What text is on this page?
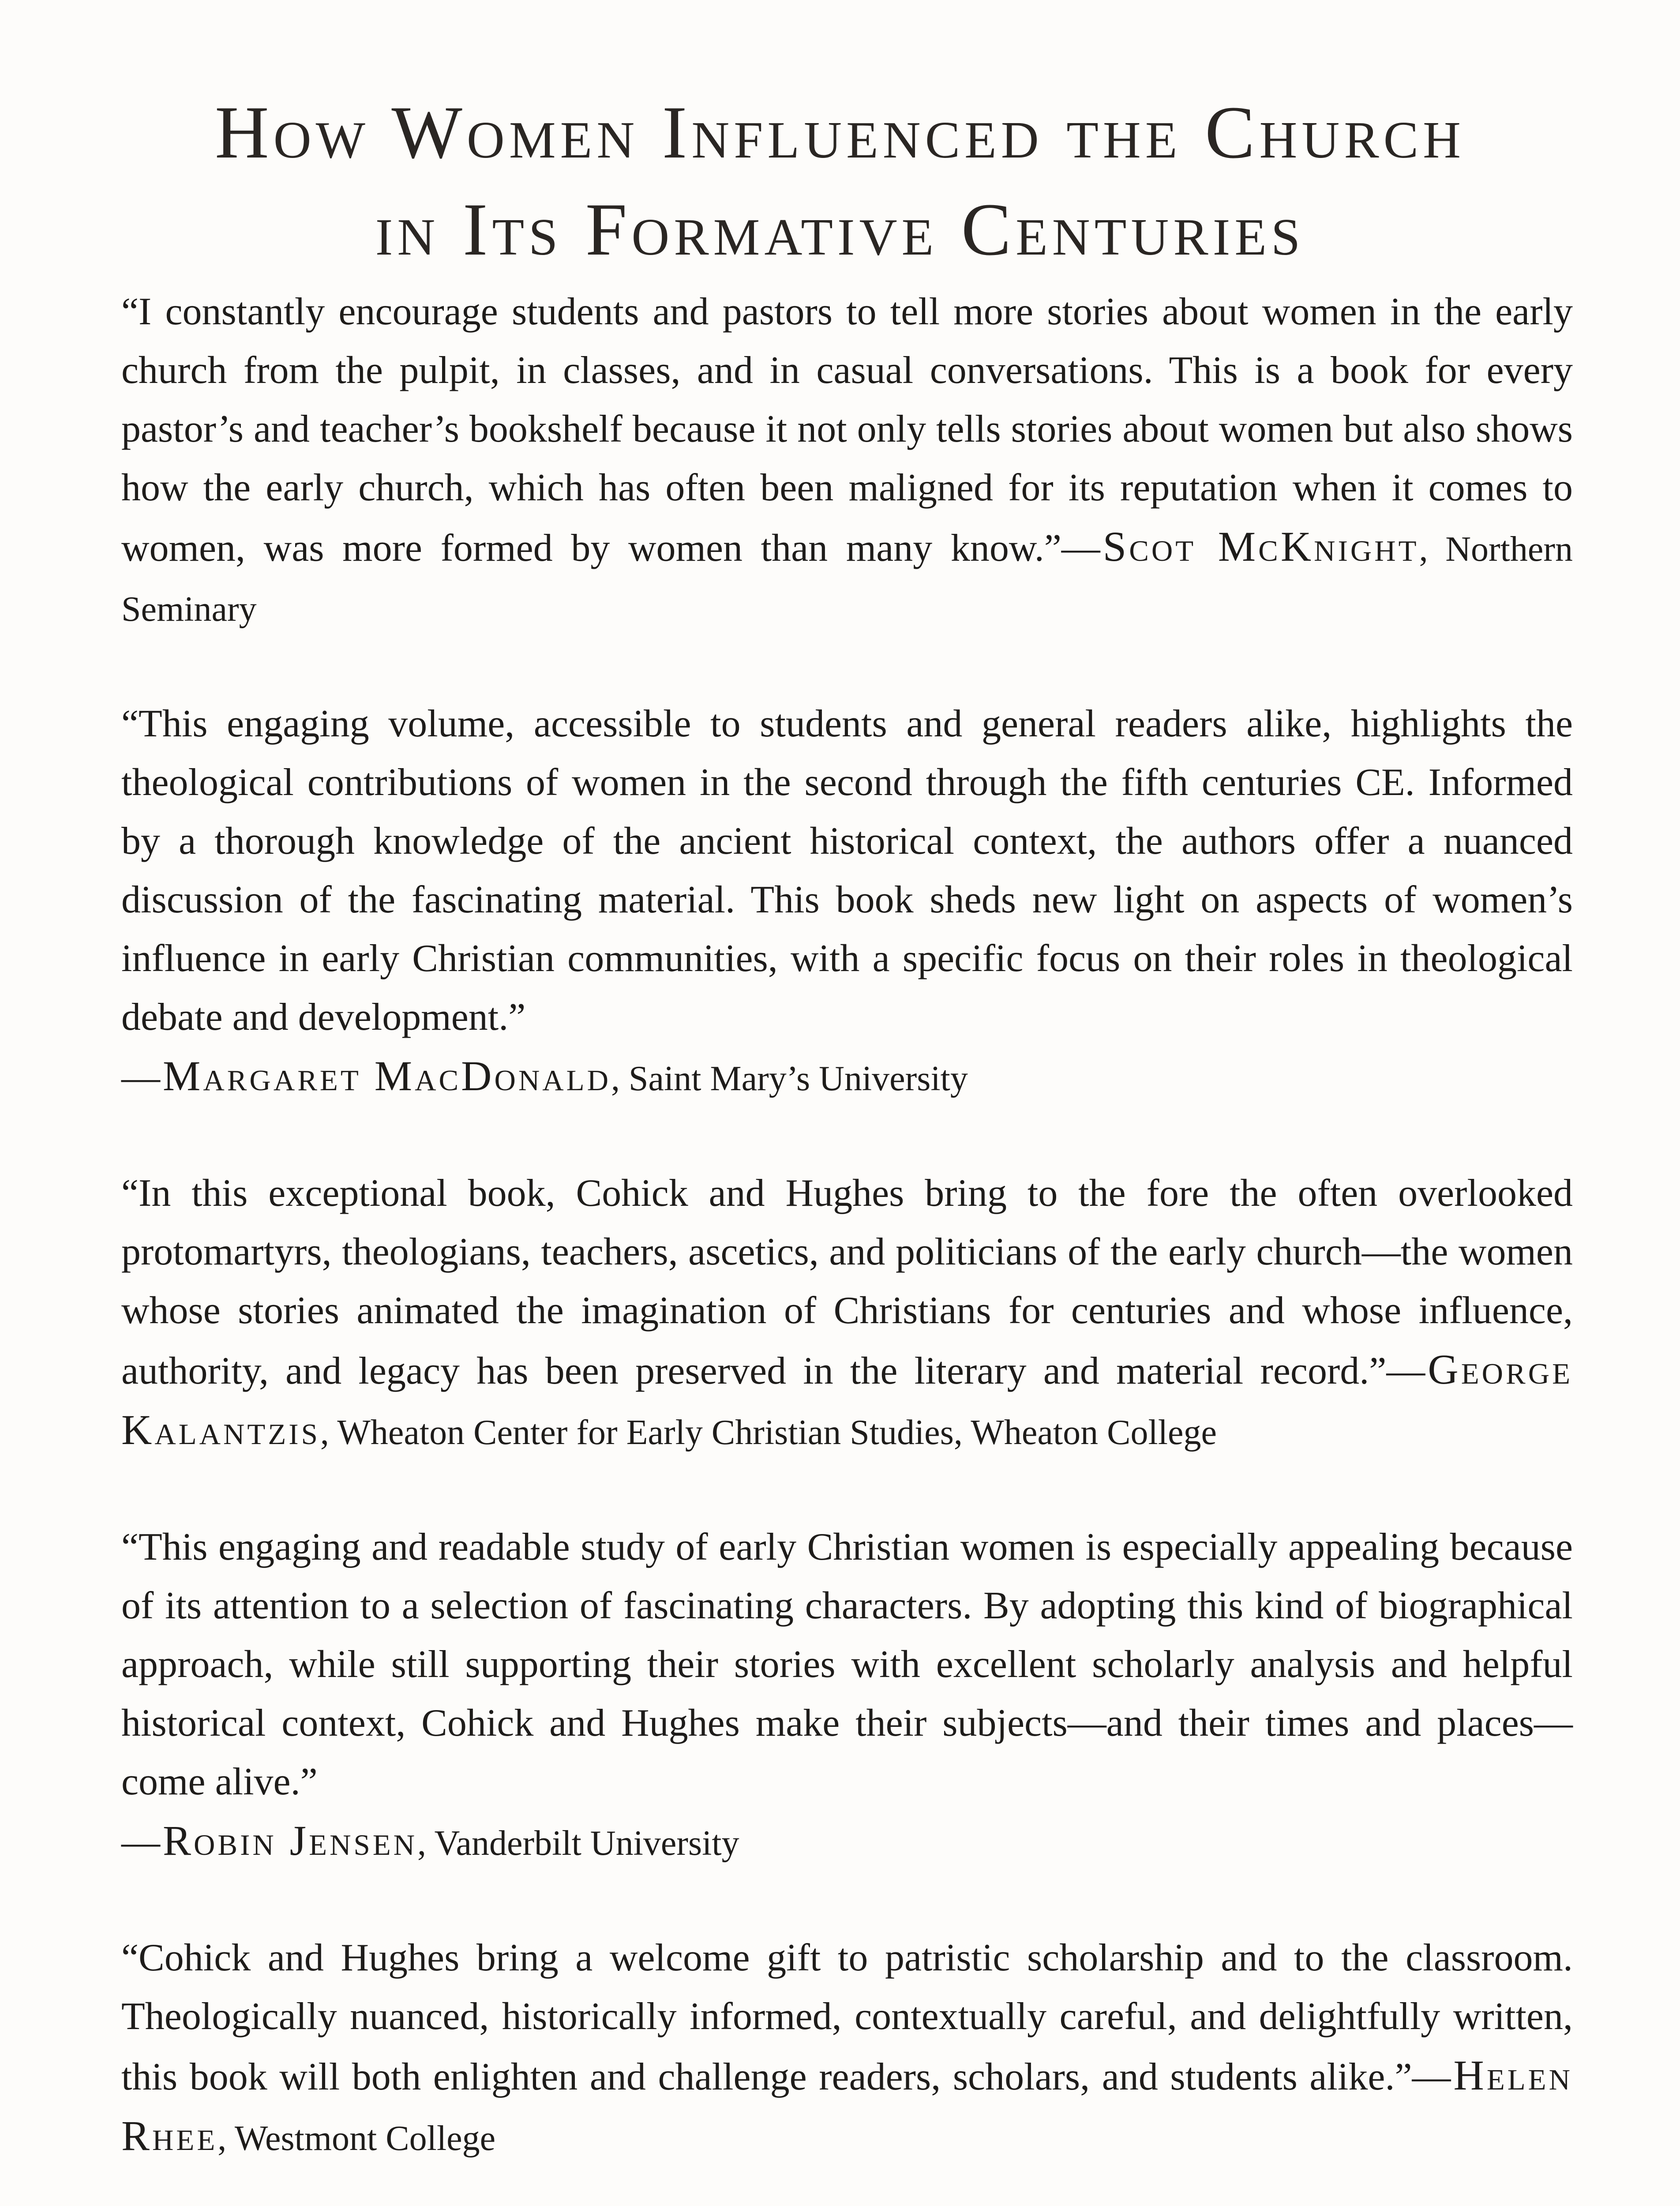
How Women Influenced the Church
in Its Formative Centuries

“I constantly encourage students and pastors to tell more stories about women in the early church from the pulpit, in classes, and in casual conversations. This is a book for every pastor’s and teacher’s bookshelf because it not only tells stories about women but also shows how the early church, which has often been maligned for its reputation when it comes to women, was more formed by women than many know.”—Scot McKnight, Northern Seminary

“This engaging volume, accessible to students and general readers alike, highlights the theological contributions of women in the second through the fifth centuries CE. Informed by a thorough knowledge of the ancient historical context, the authors offer a nuanced discussion of the fascinating material. This book sheds new light on aspects of women’s influence in early Christian communities, with a specific focus on their roles in theological debate and development.”
—Margaret MacDonald, Saint Mary’s University

“In this exceptional book, Cohick and Hughes bring to the fore the often overlooked protomartyrs, theologians, teachers, ascetics, and politicians of the early church—the women whose stories animated the imagination of Christians for centuries and whose influence, authority, and legacy has been preserved in the literary and material record.”—George Kalantzis, Wheaton Center for Early Christian Studies, Wheaton College

“This engaging and readable study of early Christian women is especially appealing because of its attention to a selection of fascinating characters. By adopting this kind of biographical approach, while still supporting their stories with excellent scholarly analysis and helpful historical context, Cohick and Hughes make their subjects—and their times and places—come alive.”
—Robin Jensen, Vanderbilt University

“Cohick and Hughes bring a welcome gift to patristic scholarship and to the classroom. Theologically nuanced, historically informed, contextually careful, and delightfully written, this book will both enlighten and challenge readers, scholars, and students alike.”—Helen Rhee, Westmont College
